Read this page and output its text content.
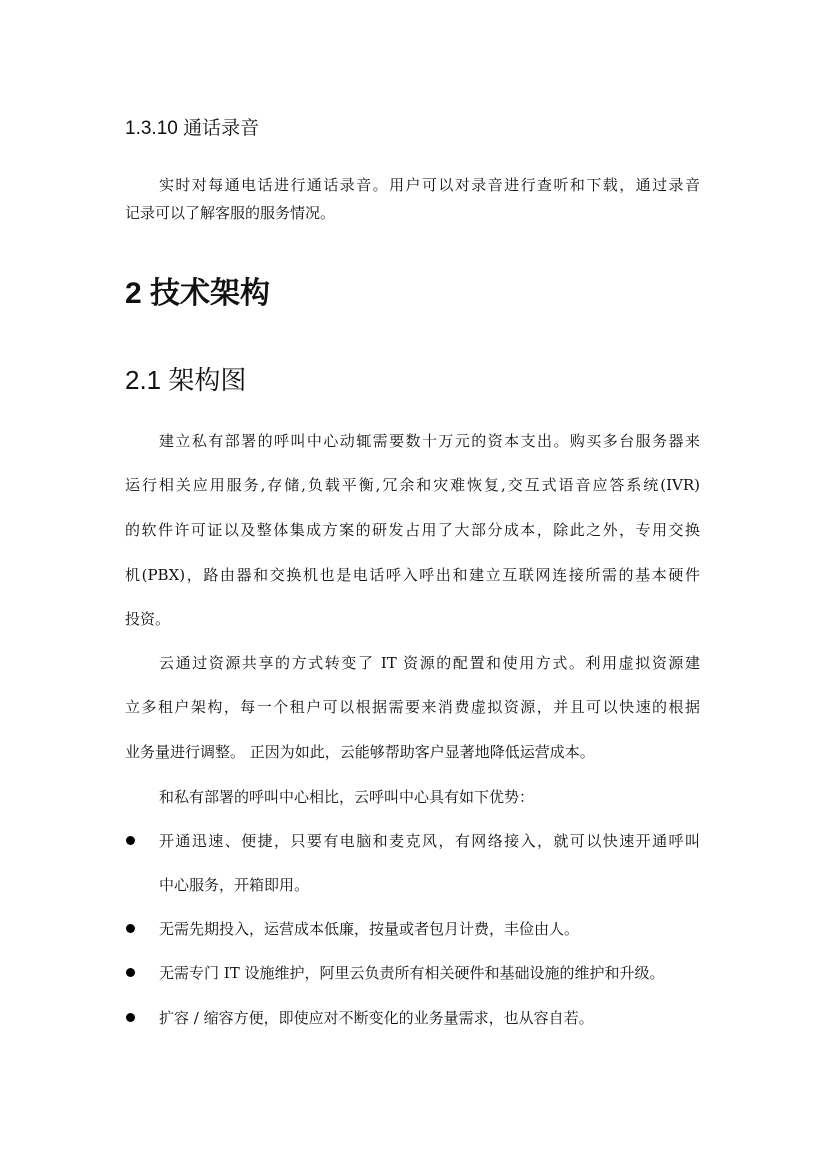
1.3.10 通话录音
实时对每通电话进行通话录音。用户可以对录音进行查听和下载，通过录音
记录可以了解客服的服务情况。
2 技术架构
2.1 架构图
建立私有部署的呼叫中心动辄需要数十万元的资本支出。购买多台服务器来
运行相关应用服务,存储,负载平衡,冗余和灾难恢复,交互式语音应答系统(IVR)
的软件许可证以及整体集成方案的研发占用了大部分成本，除此之外，专用交换
机(PBX)，路由器和交换机也是电话呼入呼出和建立互联网连接所需的基本硬件
投资。
云通过资源共享的方式转变了 IT 资源的配置和使用方式。利用虚拟资源建
立多租户架构，每一个租户可以根据需要来消费虚拟资源，并且可以快速的根据
业务量进行调整。 正因为如此，云能够帮助客户显著地降低运营成本。
和私有部署的呼叫中心相比，云呼叫中心具有如下优势：
开通迅速、便捷，只要有电脑和麦克风，有网络接入，就可以快速开通呼叫
中心服务，开箱即用。
无需先期投入，运营成本低廉，按量或者包月计费，丰俭由人。
无需专门 IT 设施维护，阿里云负责所有相关硬件和基础设施的维护和升级。
扩容 / 缩容方便，即使应对不断变化的业务量需求，也从容自若。
